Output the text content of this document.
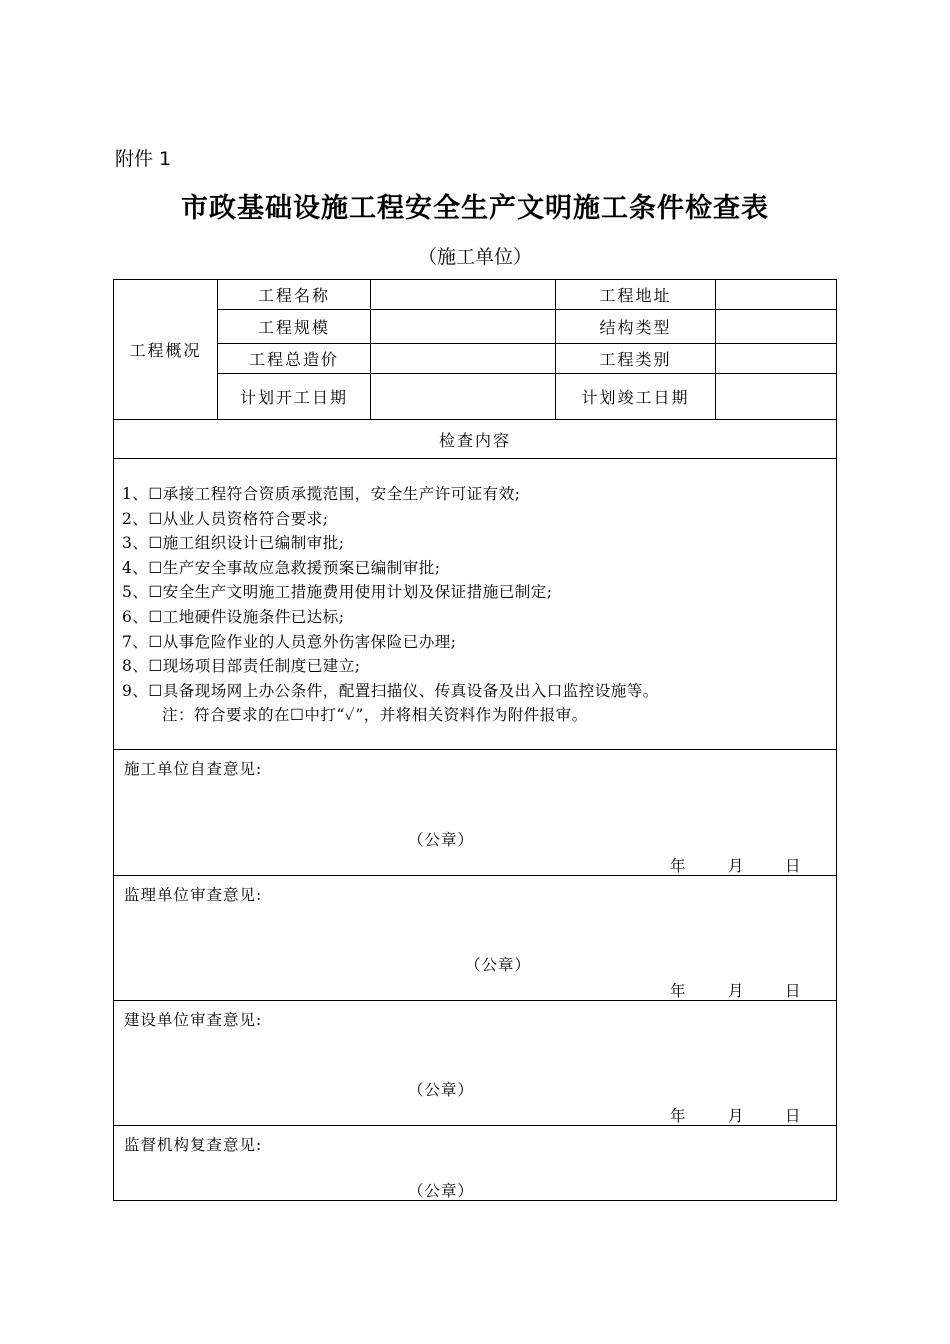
附件 1
市政基础设施工程安全生产文明施工条件检查表
（施工单位）
工程概况
工程名称	工程地址
工程规模	结构类型
工程总造价	工程类别
计划开工日期	计划竣工日期
检查内容
1、☐承接工程符合资质承揽范围，安全生产许可证有效;
2、☐从业人员资格符合要求;
3、☐施工组织设计已编制审批;
4、☐生产安全事故应急救援预案已编制审批;
5、☐安全生产文明施工措施费用使用计划及保证措施已制定;
6、☐工地硬件设施条件已达标;
7、☐从事危险作业的人员意外伤害保险已办理;
8、☐现场项目部责任制度已建立;
9、☐具备现场网上办公条件，配置扫描仪、传真设备及出入口监控设施等。
注：符合要求的在☐中打“✓”，并将相关资料作为附件报审。
施工单位自查意见:
（公章）
年	月	日
监理单位审查意见:
（公章）
年	月	日
建设单位审查意见:
（公章）
年	月	日
监督机构复查意见:
（公章）
